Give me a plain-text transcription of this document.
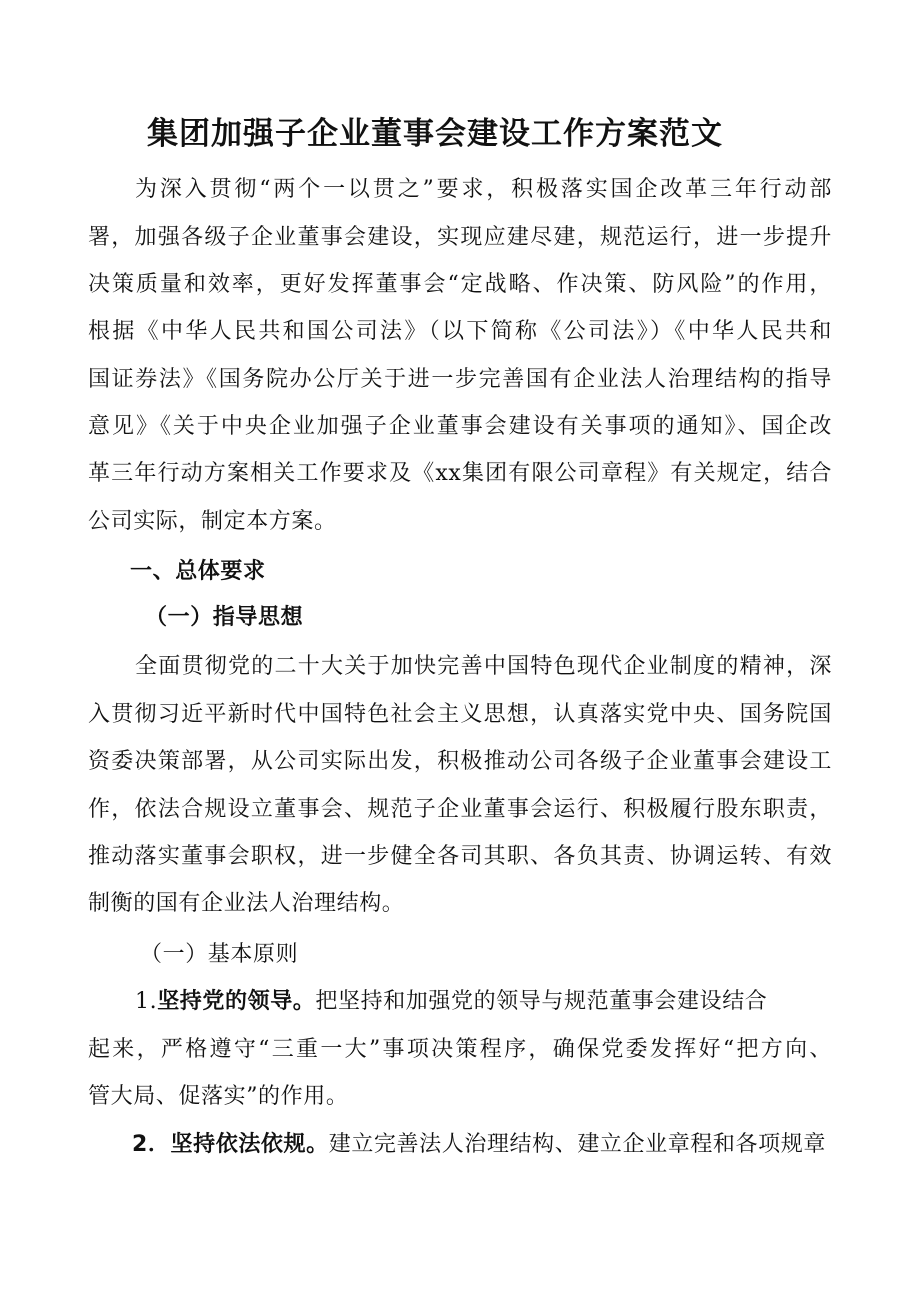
集团加强子企业董事会建设工作方案范文

为深入贯彻“两个一以贯之”要求，积极落实国企改革三年行动部

署，加强各级子企业董事会建设，实现应建尽建，规范运行，进一步提升

决策质量和效率，更好发挥董事会“定战略、作决策、防风险”的作用，

根据《中华人民共和国公司法》（以下简称《公司法》）《中华人民共和

国证券法》《国务院办公厅关于进一步完善国有企业法人治理结构的指导

意见》《关于中央企业加强子企业董事会建设有关事项的通知》、国企改

革三年行动方案相关工作要求及《xx集团有限公司章程》有关规定，结合

公司实际，制定本方案。

一、总体要求

（一）指导思想

全面贯彻党的二十大关于加快完善中国特色现代企业制度的精神，深

入贯彻习近平新时代中国特色社会主义思想，认真落实党中央、国务院国

资委决策部署，从公司实际出发，积极推动公司各级子企业董事会建设工

作，依法合规设立董事会、规范子企业董事会运行、积极履行股东职责，

推动落实董事会职权，进一步健全各司其职、各负其责、协调运转、有效

制衡的国有企业法人治理结构。

（一）基本原则

1.坚持党的领导。把坚持和加强党的领导与规范董事会建设结合

起来，严格遵守“三重一大”事项决策程序，确保党委发挥好“把方向、

管大局、促落实”的作用。

2．坚持依法依规。建立完善法人治理结构、建立企业章程和各项规章
